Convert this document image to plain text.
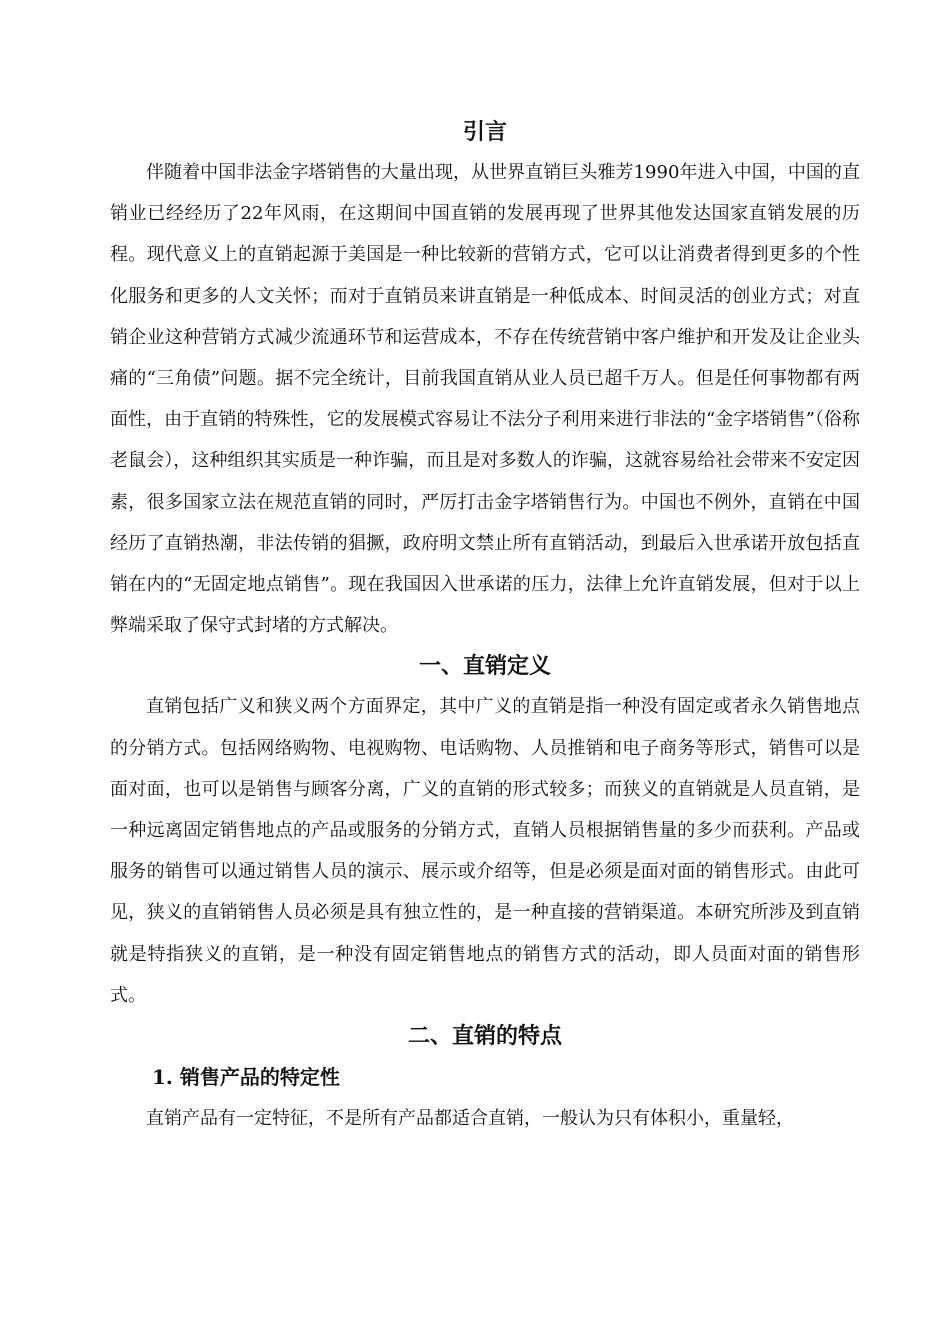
引言

伴随着中国非法金字塔销售的大量出现，从世界直销巨头雅芳1990年进入中国，中国的直销业已经经历了22年风雨，在这期间中国直销的发展再现了世界其他发达国家直销发展的历程。现代意义上的直销起源于美国是一种比较新的营销方式，它可以让消费者得到更多的个性化服务和更多的人文关怀；而对于直销员来讲直销是一种低成本、时间灵活的创业方式；对直销企业这种营销方式减少流通环节和运营成本，不存在传统营销中客户维护和开发及让企业头痛的“三角债”问题。据不完全统计，目前我国直销从业人员已超千万人。但是任何事物都有两面性，由于直销的特殊性，它的发展模式容易让不法分子利用来进行非法的“金字塔销售”（俗称老鼠会），这种组织其实质是一种诈骗，而且是对多数人的诈骗，这就容易给社会带来不安定因素，很多国家立法在规范直销的同时，严厉打击金字塔销售行为。中国也不例外，直销在中国经历了直销热潮，非法传销的猖撅，政府明文禁止所有直销活动，到最后入世承诺开放包括直销在内的“无固定地点销售”。现在我国因入世承诺的压力，法律上允许直销发展，但对于以上弊端采取了保守式封堵的方式解决。

一、直销定义

直销包括广义和狭义两个方面界定，其中广义的直销是指一种没有固定或者永久销售地点的分销方式。包括网络购物、电视购物、电话购物、人员推销和电子商务等形式，销售可以是面对面，也可以是销售与顾客分离，广义的直销的形式较多；而狭义的直销就是人员直销，是一种远离固定销售地点的产品或服务的分销方式，直销人员根据销售量的多少而获利。产品或服务的销售可以通过销售人员的演示、展示或介绍等，但是必须是面对面的销售形式。由此可见，狭义的直销销售人员必须是具有独立性的，是一种直接的营销渠道。本研究所涉及到直销就是特指狭义的直销，是一种没有固定销售地点的销售方式的活动，即人员面对面的销售形式。

二、直销的特点
1. 销售产品的特定性

直销产品有一定特征，不是所有产品都适合直销，一般认为只有体积小，重量轻，
